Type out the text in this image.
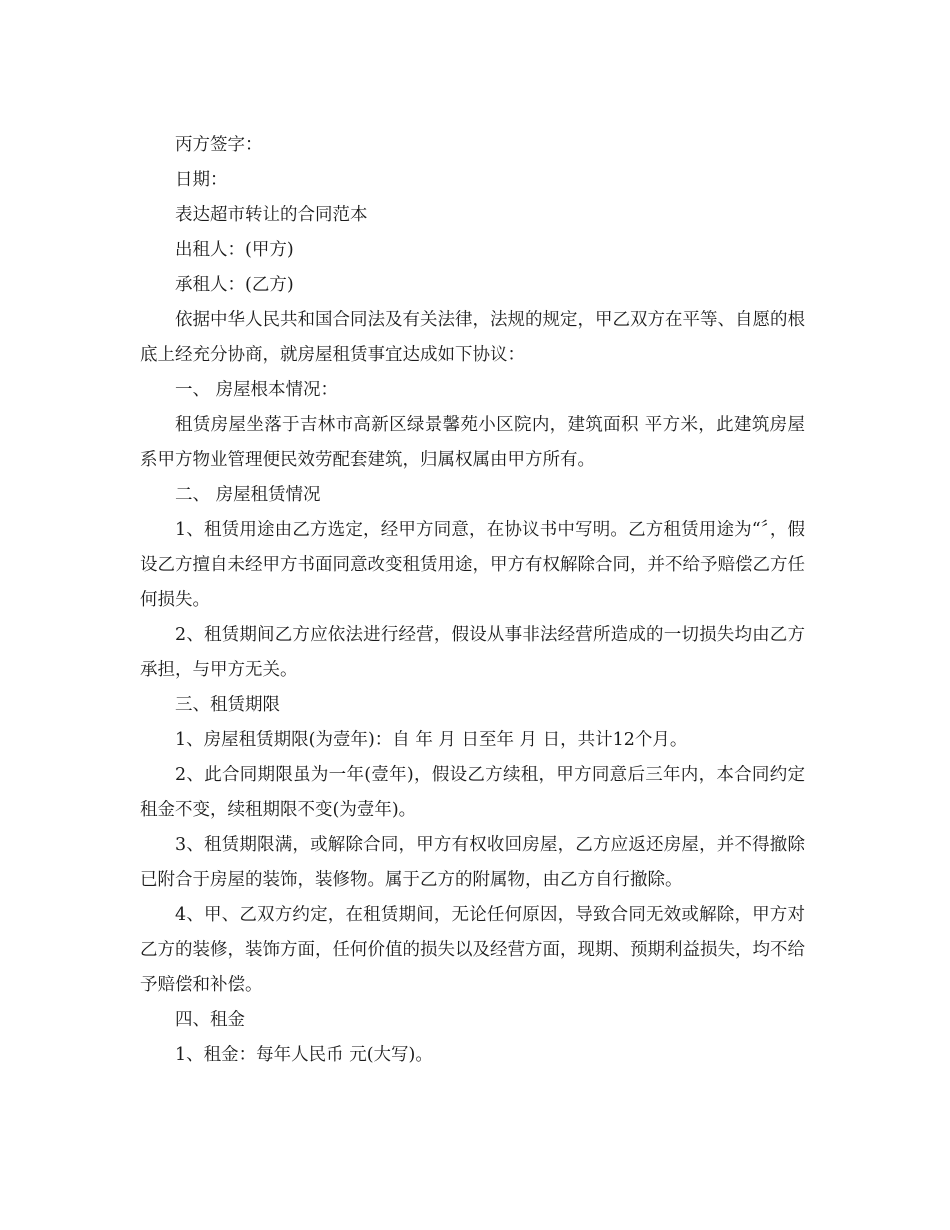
丙方签字：

日期：

表达超市转让的合同范本

出租人：(甲方)

承租人：(乙方)

依据中华人民共和国合同法及有关法律，法规的规定，甲乙双方在平等、自愿的根底上经充分协商，就房屋租赁事宜达成如下协议：

一、 房屋根本情况：

租赁房屋坐落于吉林市高新区绿景馨苑小区院内，建筑面积 平方米，此建筑房屋系甲方物业管理便民效劳配套建筑，归属权属由甲方所有。

二、 房屋租赁情况

1、租赁用途由乙方选定，经甲方同意，在协议书中写明。乙方租赁用途为“〞，假设乙方擅自未经甲方书面同意改变租赁用途，甲方有权解除合同，并不给予赔偿乙方任何损失。

2、租赁期间乙方应依法进行经营，假设从事非法经营所造成的一切损失均由乙方承担，与甲方无关。

三、租赁期限

1、房屋租赁期限(为壹年)：自 年 月 日至年 月 日，共计12个月。

2、此合同期限虽为一年(壹年)，假设乙方续租，甲方同意后三年内，本合同约定租金不变，续租期限不变(为壹年)。

3、租赁期限满，或解除合同，甲方有权收回房屋，乙方应返还房屋，并不得撤除已附合于房屋的装饰，装修物。属于乙方的附属物，由乙方自行撤除。

4、甲、乙双方约定，在租赁期间，无论任何原因，导致合同无效或解除，甲方对乙方的装修，装饰方面，任何价值的损失以及经营方面，现期、预期利益损失，均不给予赔偿和补偿。

四、租金

1、租金：每年人民币 元(大写)。
